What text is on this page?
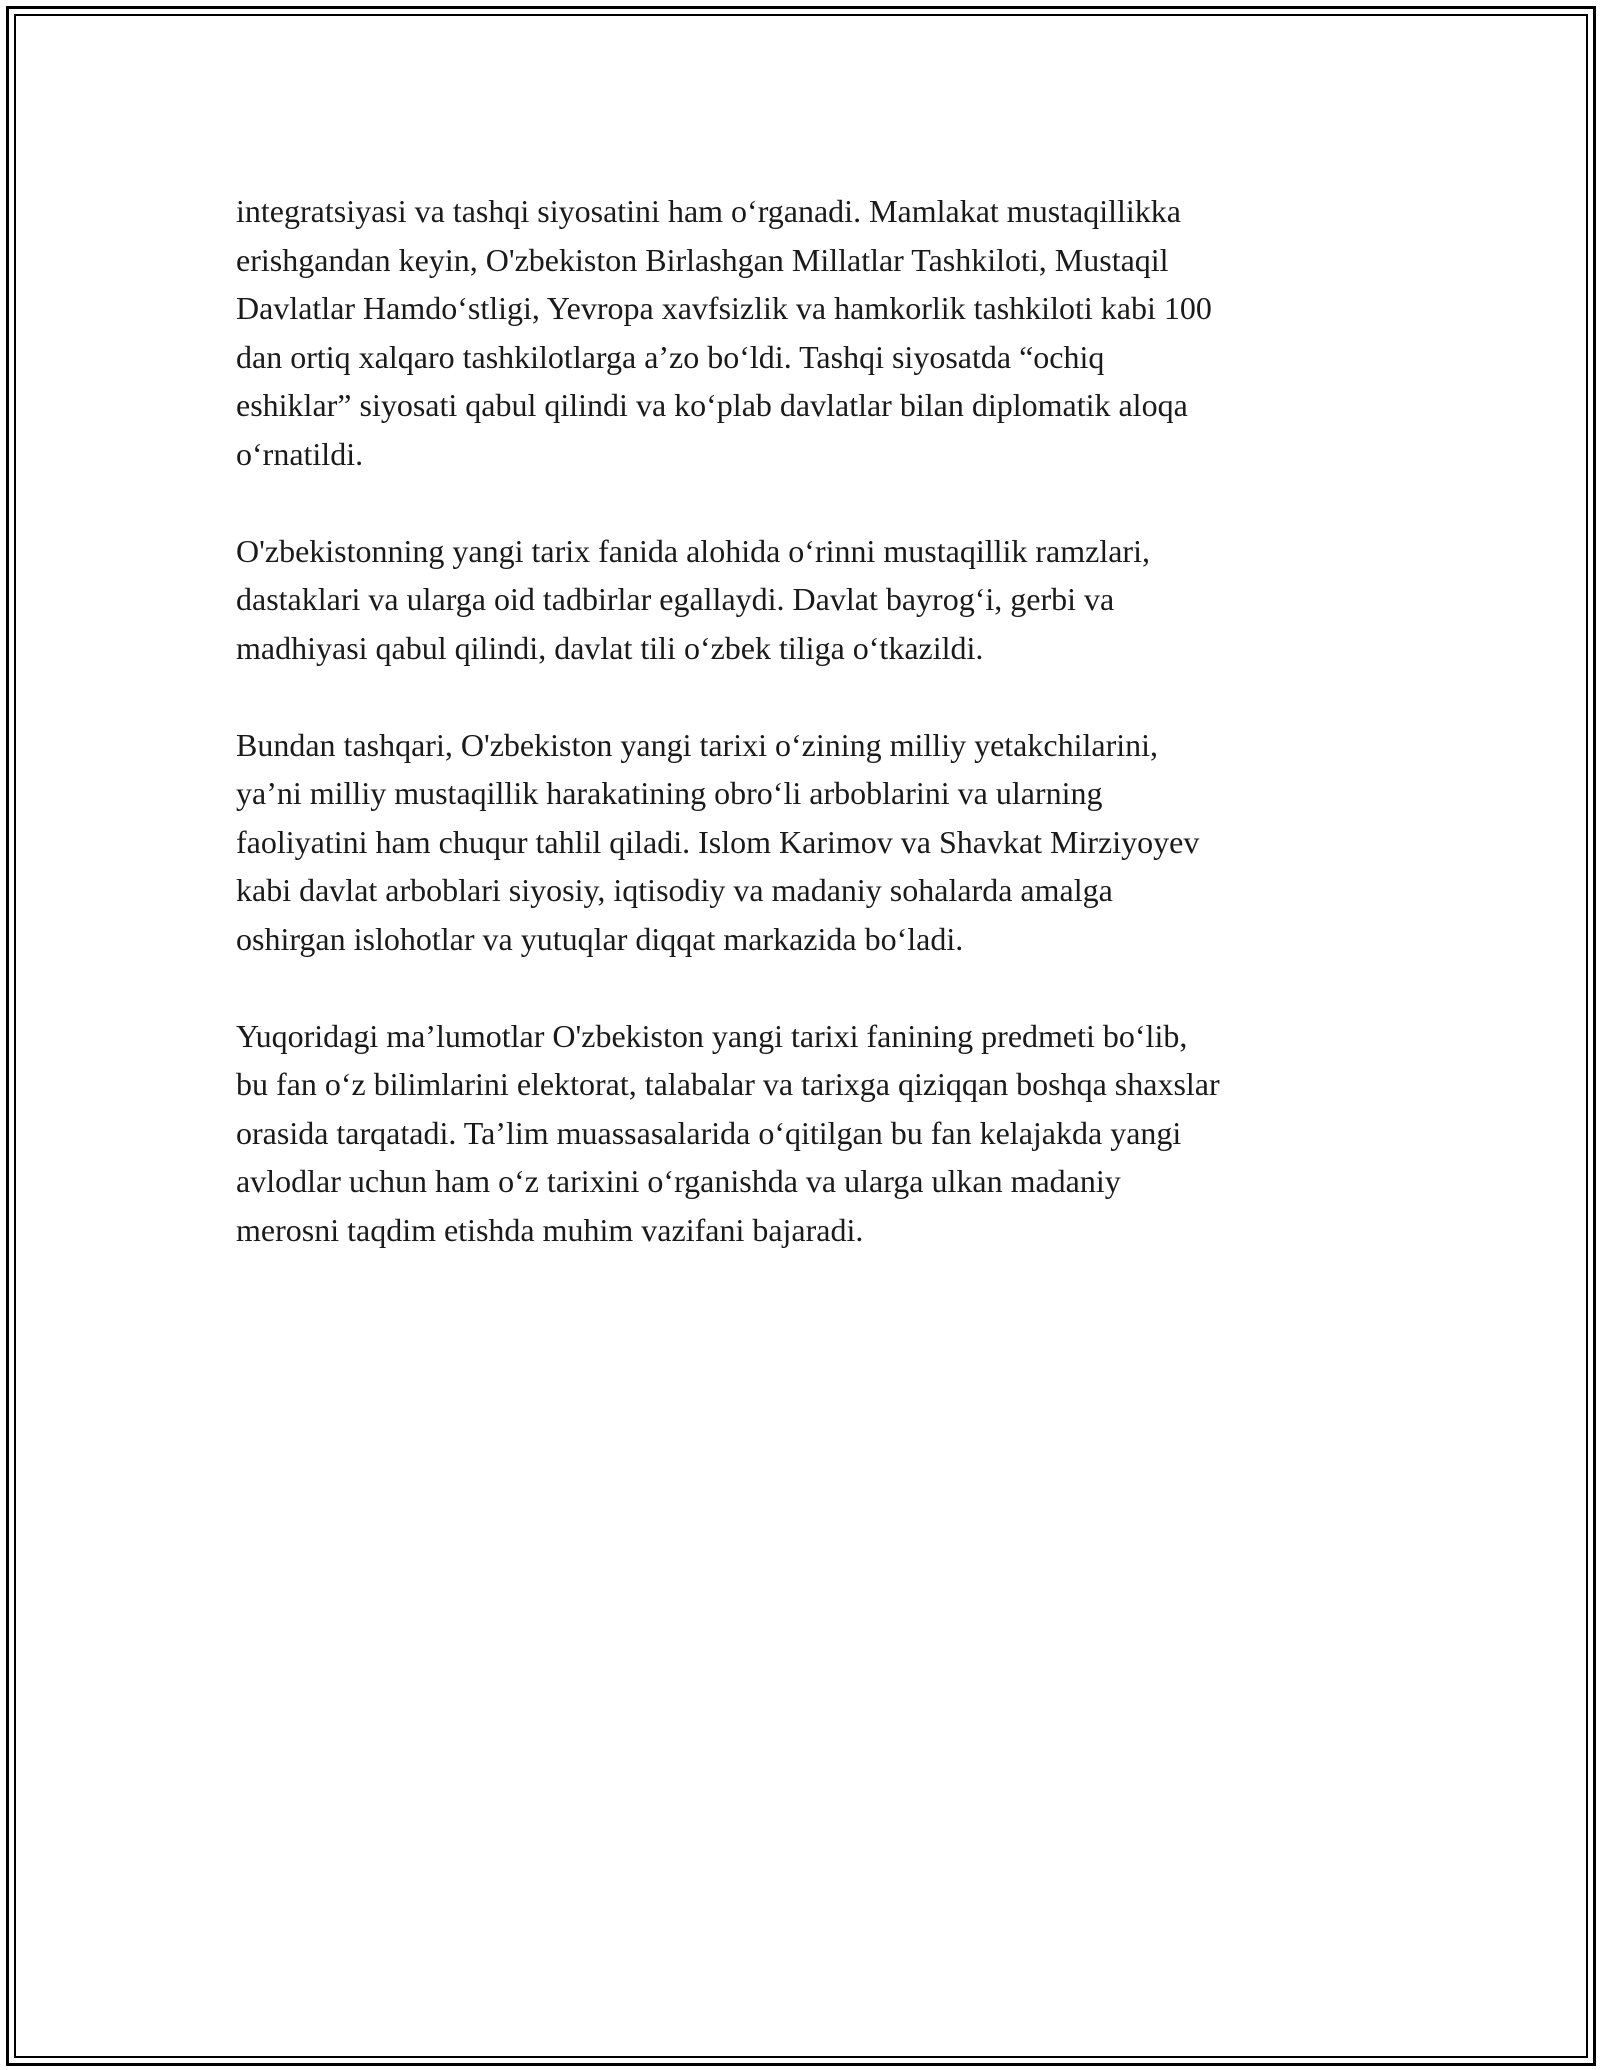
integratsiyasi va tashqi siyosatini ham o‘rganadi. Mamlakat mustaqillikka
erishgandan keyin, O'zbekiston Birlashgan Millatlar Tashkiloti, Mustaqil
Davlatlar Hamdo‘stligi, Yevropa xavfsizlik va hamkorlik tashkiloti kabi 100
dan ortiq xalqaro tashkilotlarga a’zo bo‘ldi. Tashqi siyosatda “ochiq
eshiklar” siyosati qabul qilindi va ko‘plab davlatlar bilan diplomatik aloqa
o‘rnatildi.
O'zbekistonning yangi tarix fanida alohida o‘rinni mustaqillik ramzlari,
dastaklari va ularga oid tadbirlar egallaydi. Davlat bayrog‘i, gerbi va
madhiyasi qabul qilindi, davlat tili o‘zbek tiliga o‘tkazildi.
Bundan tashqari, O'zbekiston yangi tarixi o‘zining milliy yetakchilarini,
ya’ni milliy mustaqillik harakatining obro‘li arboblarini va ularning
faoliyatini ham chuqur tahlil qiladi. Islom Karimov va Shavkat Mirziyoyev
kabi davlat arboblari siyosiy, iqtisodiy va madaniy sohalarda amalga
oshirgan islohotlar va yutuqlar diqqat markazida bo‘ladi.
Yuqoridagi ma’lumotlar O'zbekiston yangi tarixi fanining predmeti bo‘lib,
bu fan o‘z bilimlarini elektorat, talabalar va tarixga qiziqqan boshqa shaxslar
orasida tarqatadi. Ta’lim muassasalarida o‘qitilgan bu fan kelajakda yangi
avlodlar uchun ham o‘z tarixini o‘rganishda va ularga ulkan madaniy
merosni taqdim etishda muhim vazifani bajaradi.
